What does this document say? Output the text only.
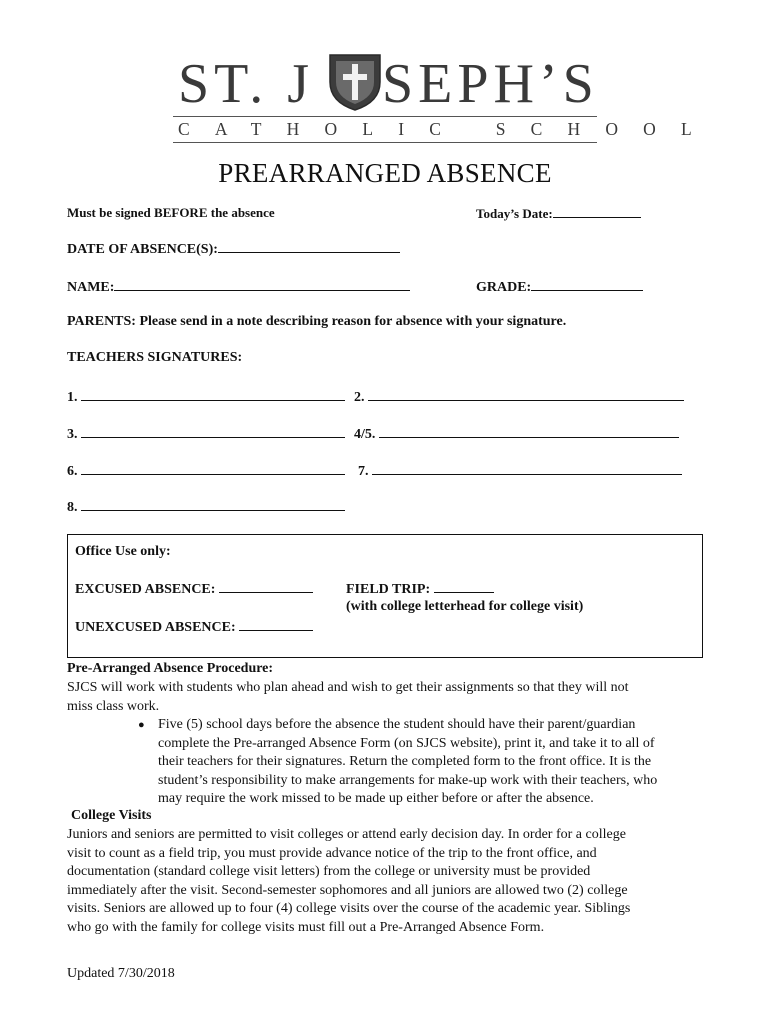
ST. J SEPH’S
CATHOLIC SCHOOL
PREARRANGED ABSENCE
Must be signed BEFORE the absence	Today’s Date:
DATE OF ABSENCE(S):
NAME:	GRADE:
PARENTS: Please send in a note describing reason for absence with your signature.
TEACHERS SIGNATURES:
1.	2.
3.	4/5.
6.	7.
8.
Office Use only:
EXCUSED ABSENCE:	FIELD TRIP:
(with college letterhead for college visit)
UNEXCUSED ABSENCE:
Pre-Arranged Absence Procedure:
SJCS will work with students who plan ahead and wish to get their assignments so that they will not
miss class work.
● Five (5) school days before the absence the student should have their parent/guardian
complete the Pre-arranged Absence Form (on SJCS website), print it, and take it to all of
their teachers for their signatures. Return the completed form to the front office. It is the
student’s responsibility to make arrangements for make-up work with their teachers, who
may require the work missed to be made up either before or after the absence.
College Visits
Juniors and seniors are permitted to visit colleges or attend early decision day. In order for a college
visit to count as a field trip, you must provide advance notice of the trip to the front office, and
documentation (standard college visit letters) from the college or university must be provided
immediately after the visit. Second-semester sophomores and all juniors are allowed two (2) college
visits. Seniors are allowed up to four (4) college visits over the course of the academic year. Siblings
who go with the family for college visits must fill out a Pre-Arranged Absence Form.
Updated 7/30/2018
